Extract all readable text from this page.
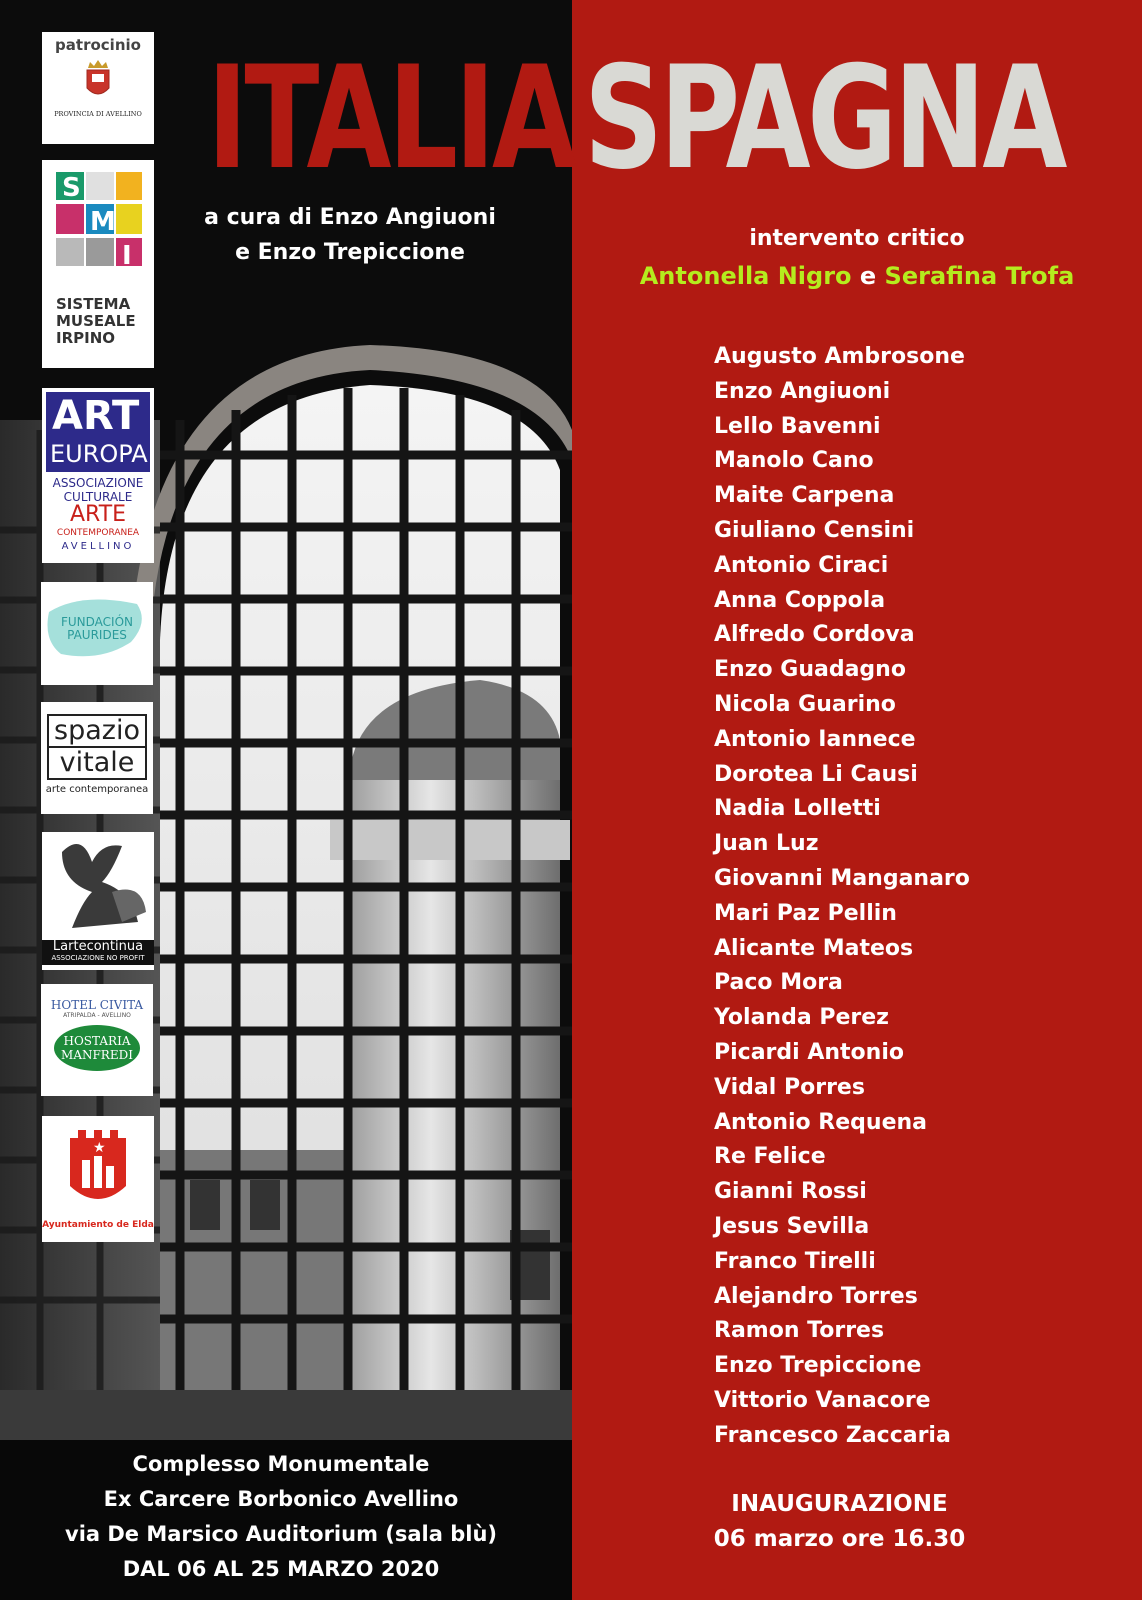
ITALIA SPAGNA
a cura di Enzo Angiuoni
e Enzo Trepiccione
intervento critico
Antonella Nigro e Serafina Trofa
Augusto Ambrosone
Enzo Angiuoni
Lello Bavenni
Manolo Cano
Maite Carpena
Giuliano Censini
Antonio Ciraci
Anna Coppola
Alfredo Cordova
Enzo Guadagno
Nicola Guarino
Antonio Iannece
Dorotea Li Causi
Nadia Lolletti
Juan Luz
Giovanni Manganaro
Mari Paz Pellin
Alicante Mateos
Paco Mora
Yolanda Perez
Picardi Antonio
Vidal Porres
Antonio Requena
Re Felice
Gianni Rossi
Jesus Sevilla
Franco Tirelli
Alejandro Torres
Ramon Torres
Enzo Trepiccione
Vittorio Vanacore
Francesco Zaccaria
INAUGURAZIONE
06 marzo ore 16.30
Complesso Monumentale
Ex Carcere Borbonico Avellino
via De Marsico Auditorium (sala blù)
DAL 06 AL 25 MARZO 2020
patrocinio
PROVINCIA DI AVELLINO
S
M
I
SISTEMA
MUSEALE
IRPINO
ART
EUROPA
ASSOCIAZIONE
CULTURALE
ARTE
CONTEMPORANEA
AVELLINO
FUNDACIÓN
PAURIDES
spazio
vitale
arte contemporanea
Lartecontinua
ASSOCIAZIONE NO PROFIT
HOTEL CIVITA
ATRIPALDA - AVELLINO
HOSTARIA
MANFREDI
★
Ayuntamiento de Elda
